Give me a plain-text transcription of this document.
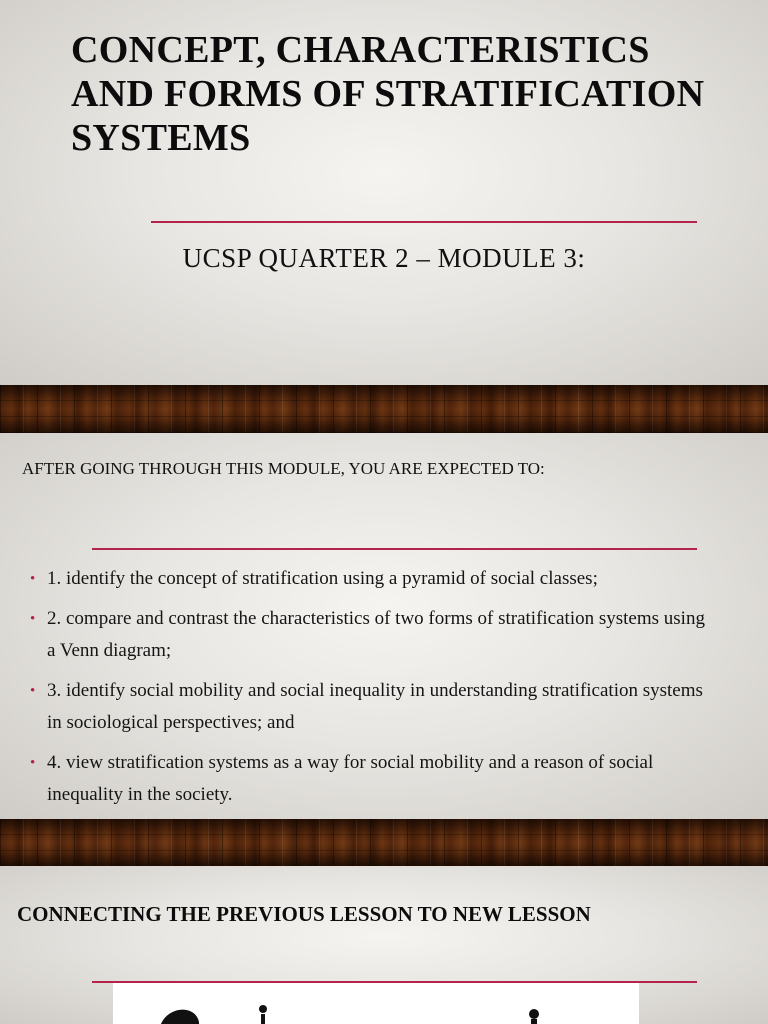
CONCEPT, CHARACTERISTICS AND FORMS OF STRATIFICATION SYSTEMS
UCSP QUARTER 2 – MODULE 3:
AFTER GOING THROUGH THIS MODULE, YOU ARE EXPECTED TO:
• 1. identify the concept of stratification using a pyramid of social classes;
• 2. compare and contrast the characteristics of two forms of stratification systems using a Venn diagram;
• 3. identify social mobility and social inequality in understanding stratification systems in sociological perspectives; and
• 4. view stratification systems as a way for social mobility and a reason of social inequality in the society.
CONNECTING THE PREVIOUS LESSON TO NEW LESSON
